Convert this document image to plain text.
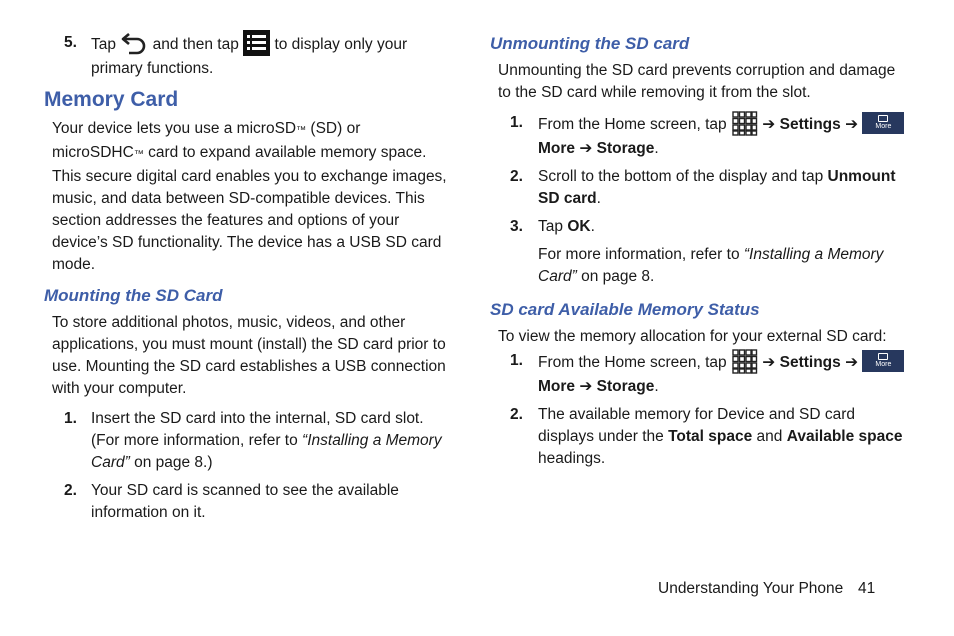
5. Tap and then tap to display only your primary functions.
Memory Card

Your device lets you use a microSD™ (SD) or microSDHC™ card to expand available memory space. This secure digital card enables you to exchange images, music, and data between SD-compatible devices. This section addresses the features and options of your device’s SD functionality. The device has a USB SD card mode.

Mounting the SD Card

To store additional photos, music, videos, and other applications, you must mount (install) the SD card prior to use. Mounting the SD card establishes a USB connection with your computer.

1. Insert the SD card into the internal, SD card slot. (For more information, refer to “Installing a Memory Card” on page 8.)
2. Your SD card is scanned to see the available information on it.
Unmounting the SD card

Unmounting the SD card prevents corruption and damage to the SD card while removing it from the slot.

1. From the Home screen, tap ➔ Settings ➔ More
More ➔ Storage.
2. Scroll to the bottom of the display and tap Unmount SD card.
3. Tap OK.
For more information, refer to “Installing a Memory Card” on page 8.
SD card Available Memory Status

To view the memory allocation for your external SD card:

1. From the Home screen, tap ➔ Settings ➔ More
More ➔ Storage.
2. The available memory for Device and SD card displays under the Total space and Available space headings.
Understanding Your Phone 41
